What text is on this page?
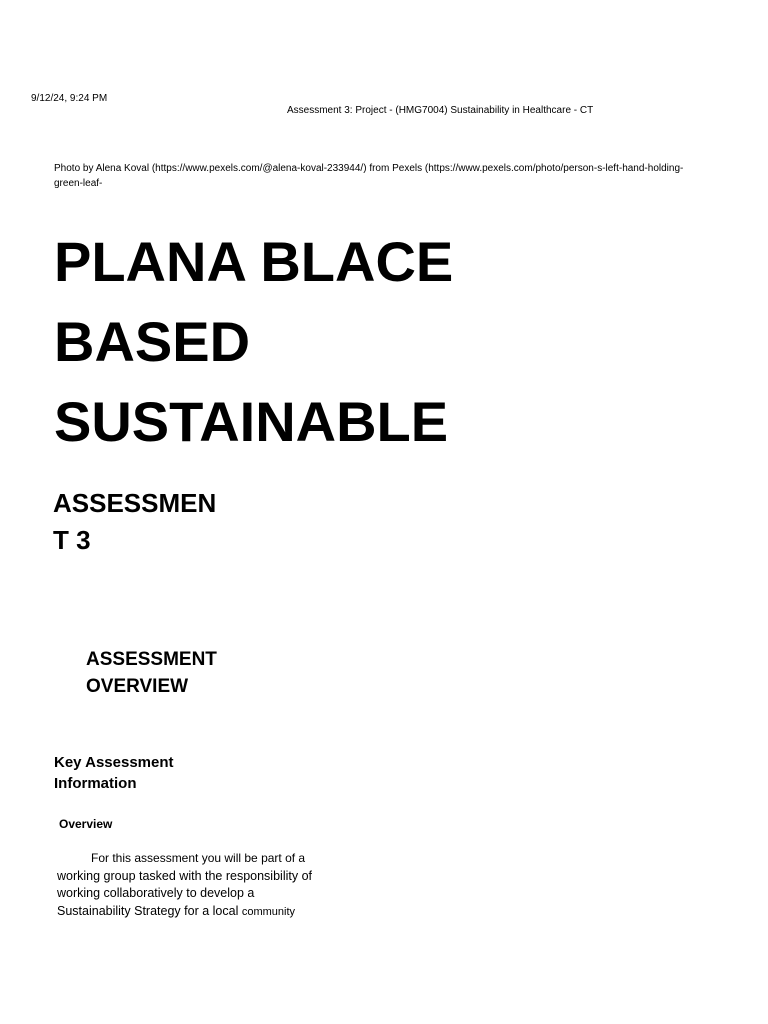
9/12/24, 9:24 PM
Assessment 3: Project - (HMG7004) Sustainability in Healthcare - CT
Photo by Alena Koval (https://www.pexels.com/@alena-koval-233944/) from Pexels (https://www.pexels.com/photo/person-s-left-hand-holding-
green-leaf-
PLANA BLACE
BASED
SUSTAINABLE
ASSESSMEN
T 3
ASSESSMENT
OVERVIEW
Key Assessment
Information
Overview
For this assessment you will be part of a
working group tasked with the responsibility of
working collaboratively to develop a
Sustainability Strategy for a local community
